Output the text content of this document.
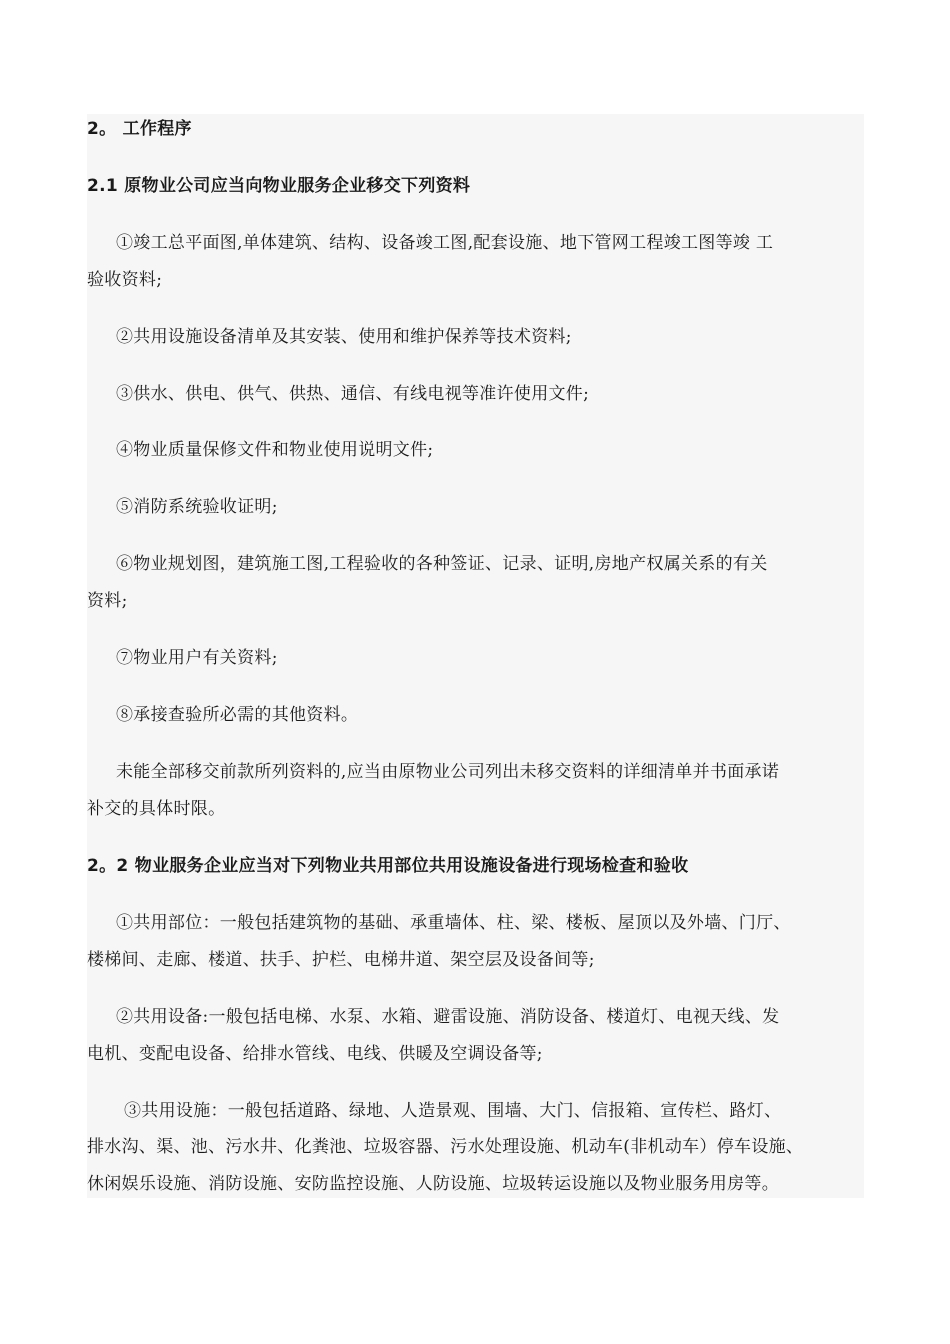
2。 工作程序
2.1 原物业公司应当向物业服务企业移交下列资料
①竣工总平面图,单体建筑、结构、设备竣工图,配套设施、地下管网工程竣工图等竣 工
验收资料;
②共用设施设备清单及其安装、使用和维护保养等技术资料;
③供水、供电、供气、供热、通信、有线电视等准许使用文件;
④物业质量保修文件和物业使用说明文件;
⑤消防系统验收证明;
⑥物业规划图，建筑施工图,工程验收的各种签证、记录、证明,房地产权属关系的有关
资料;
⑦物业用户有关资料;
⑧承接查验所必需的其他资料。
未能全部移交前款所列资料的,应当由原物业公司列出未移交资料的详细清单并书面承诺
补交的具体时限。
2。2 物业服务企业应当对下列物业共用部位共用设施设备进行现场检查和验收
①共用部位：一般包括建筑物的基础、承重墙体、柱、梁、楼板、屋顶以及外墙、门厅、
楼梯间、走廊、楼道、扶手、护栏、电梯井道、架空层及设备间等;
②共用设备:一般包括电梯、水泵、水箱、避雷设施、消防设备、楼道灯、电视天线、发
电机、变配电设备、给排水管线、电线、供暖及空调设备等;
③共用设施：一般包括道路、绿地、人造景观、围墙、大门、信报箱、宣传栏、路灯、
排水沟、渠、池、污水井、化粪池、垃圾容器、污水处理设施、机动车(非机动车）停车设施、
休闲娱乐设施、消防设施、安防监控设施、人防设施、垃圾转运设施以及物业服务用房等。
